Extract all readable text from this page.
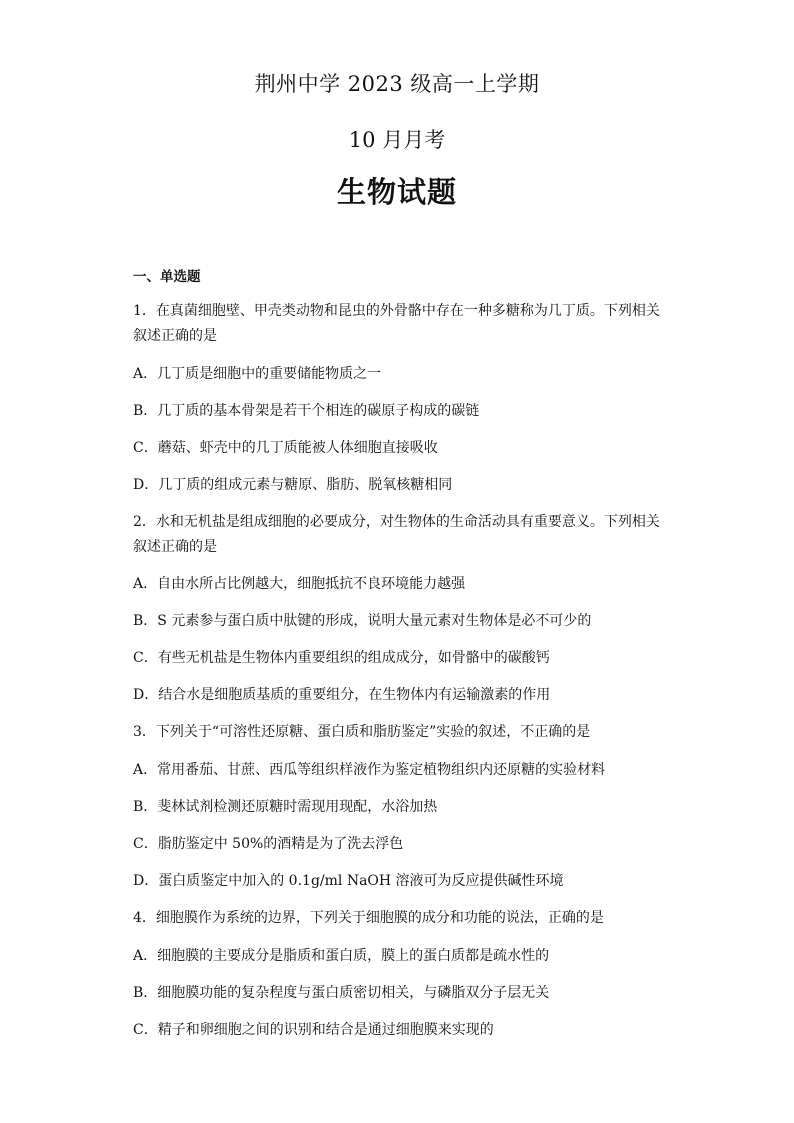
荆州中学 2023 级高一上学期
10 月月考
生物试题
一、单选题
1．在真菌细胞壁、甲壳类动物和昆虫的外骨骼中存在一种多糖称为几丁质。下列相关
叙述正确的是
A．几丁质是细胞中的重要储能物质之一
B．几丁质的基本骨架是若干个相连的碳原子构成的碳链
C．蘑菇、虾壳中的几丁质能被人体细胞直接吸收
D．几丁质的组成元素与糖原、脂肪、脱氧核糖相同
2．水和无机盐是组成细胞的必要成分，对生物体的生命活动具有重要意义。下列相关
叙述正确的是
A．自由水所占比例越大，细胞抵抗不良环境能力越强
B．S 元素参与蛋白质中肽键的形成，说明大量元素对生物体是必不可少的
C．有些无机盐是生物体内重要组织的组成成分，如骨骼中的碳酸钙
D．结合水是细胞质基质的重要组分，在生物体内有运输激素的作用
3．下列关于“可溶性还原糖、蛋白质和脂肪鉴定”实验的叙述，不正确的是
A．常用番茄、甘蔗、西瓜等组织样液作为鉴定植物组织内还原糖的实验材料
B．斐林试剂检测还原糖时需现用现配，水浴加热
C．脂肪鉴定中 50%的酒精是为了洗去浮色
D．蛋白质鉴定中加入的 0.1g/ml NaOH 溶液可为反应提供碱性环境
4．细胞膜作为系统的边界，下列关于细胞膜的成分和功能的说法，正确的是
A．细胞膜的主要成分是脂质和蛋白质，膜上的蛋白质都是疏水性的
B．细胞膜功能的复杂程度与蛋白质密切相关，与磷脂双分子层无关
C．精子和卵细胞之间的识别和结合是通过细胞膜来实现的
